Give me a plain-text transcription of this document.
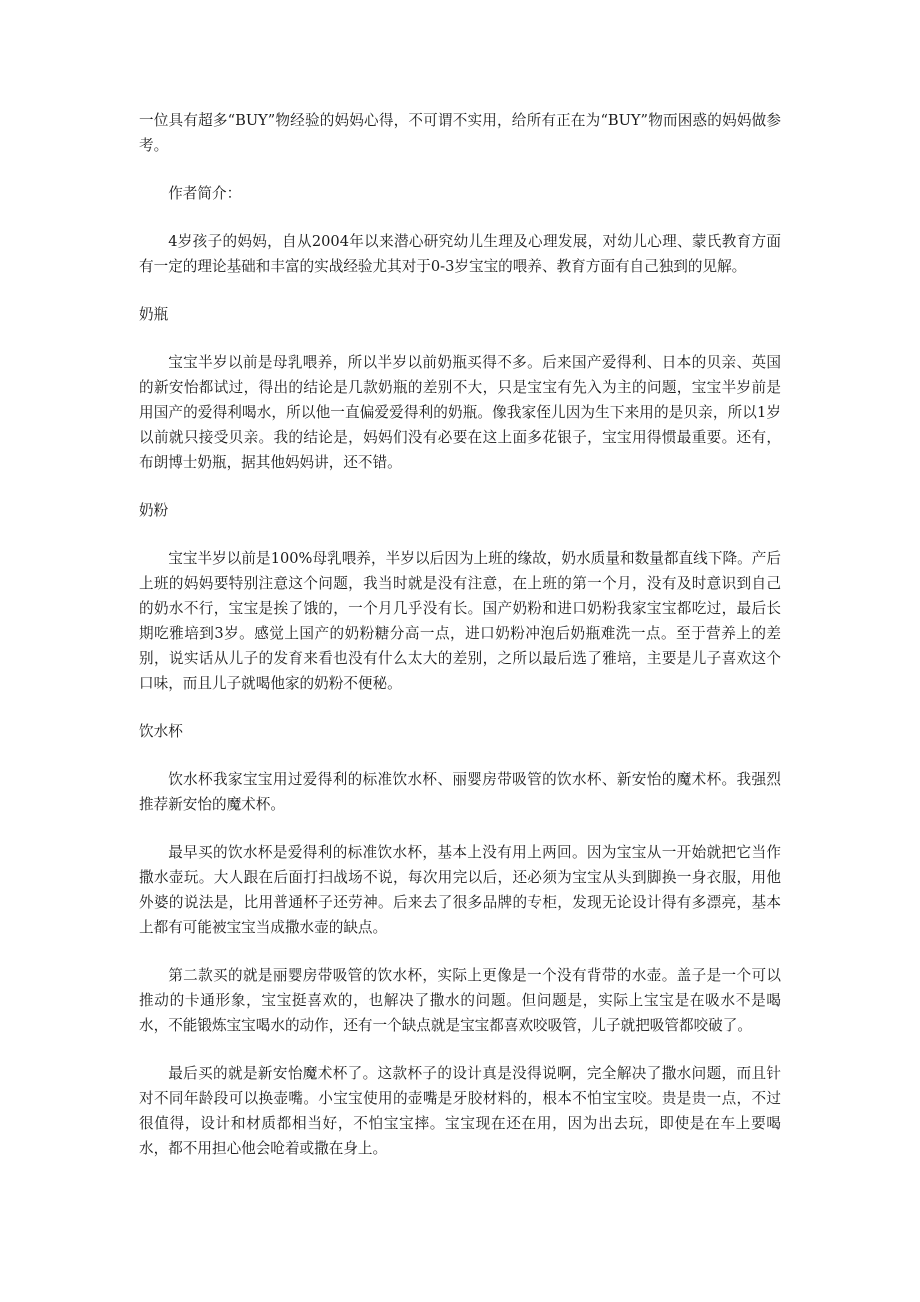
一位具有超多“BUY”物经验的妈妈心得，不可谓不实用，给所有正在为“BUY”物而困惑的妈妈做参考。

作者简介：

4岁孩子的妈妈，自从2004年以来潜心研究幼儿生理及心理发展，对幼儿心理、蒙氏教育方面有一定的理论基础和丰富的实战经验尤其对于0-3岁宝宝的喂养、教育方面有自己独到的见解。

奶瓶

宝宝半岁以前是母乳喂养，所以半岁以前奶瓶买得不多。后来国产爱得利、日本的贝亲、英国的新安怡都试过，得出的结论是几款奶瓶的差别不大，只是宝宝有先入为主的问题，宝宝半岁前是用国产的爱得利喝水，所以他一直偏爱爱得利的奶瓶。像我家侄儿因为生下来用的是贝亲，所以1岁以前就只接受贝亲。我的结论是，妈妈们没有必要在这上面多花银子，宝宝用得惯最重要。还有，布朗博士奶瓶，据其他妈妈讲，还不错。

奶粉

宝宝半岁以前是100%母乳喂养，半岁以后因为上班的缘故，奶水质量和数量都直线下降。产后上班的妈妈要特别注意这个问题，我当时就是没有注意，在上班的第一个月，没有及时意识到自己的奶水不行，宝宝是挨了饿的，一个月几乎没有长。国产奶粉和进口奶粉我家宝宝都吃过，最后长期吃雅培到3岁。感觉上国产的奶粉糖分高一点，进口奶粉冲泡后奶瓶难洗一点。至于营养上的差别，说实话从儿子的发育来看也没有什么太大的差别，之所以最后选了雅培，主要是儿子喜欢这个口味，而且儿子就喝他家的奶粉不便秘。

饮水杯

饮水杯我家宝宝用过爱得利的标准饮水杯、丽婴房带吸管的饮水杯、新安怡的魔术杯。我强烈推荐新安怡的魔术杯。

最早买的饮水杯是爱得利的标准饮水杯，基本上没有用上两回。因为宝宝从一开始就把它当作撒水壶玩。大人跟在后面打扫战场不说，每次用完以后，还必须为宝宝从头到脚换一身衣服，用他外婆的说法是，比用普通杯子还劳神。后来去了很多品牌的专柜，发现无论设计得有多漂亮，基本上都有可能被宝宝当成撒水壶的缺点。

第二款买的就是丽婴房带吸管的饮水杯，实际上更像是一个没有背带的水壶。盖子是一个可以推动的卡通形象，宝宝挺喜欢的，也解决了撒水的问题。但问题是，实际上宝宝是在吸水不是喝水，不能锻炼宝宝喝水的动作，还有一个缺点就是宝宝都喜欢咬吸管，儿子就把吸管都咬破了。

最后买的就是新安怡魔术杯了。这款杯子的设计真是没得说啊，完全解决了撒水问题，而且针对不同年龄段可以换壶嘴。小宝宝使用的壶嘴是牙胶材料的，根本不怕宝宝咬。贵是贵一点，不过很值得，设计和材质都相当好，不怕宝宝摔。宝宝现在还在用，因为出去玩，即使是在车上要喝水，都不用担心他会呛着或撒在身上。
